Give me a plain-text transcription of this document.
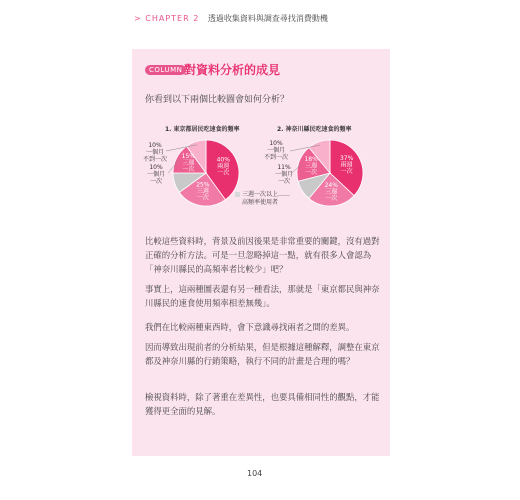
> CHAPTER 2 透過收集資料與調查尋找消費動機
COLUMN 對資料分析的成見
你看到以下兩個比較圖會如何分析？
1. 東京都居民吃速食的頻率
40%兩週一次
25%三週一次
15%三週一次
10%
一個月
不到一次
10%
一個月
一次
2. 神奈川縣民吃速食的頻率
37%兩週一次
24%三週一次
18%三週一次
10%
一個月
不到一次
11%
一個月
一次
三週一次以上……
高頻率使用者
比較這些資料時，背景及前因後果是非常重要的關鍵，沒有過對正確的分析方法。可是一旦忽略掉這一點，就有很多人會認為「神奈川縣民的高頻率者比較少」吧？
事實上，這兩種圖表還有另一種看法，那就是「東京都民與神奈川縣民的速食使用頻率相差無幾」。
我們在比較兩種東西時，會下意識尋找兩者之間的差異。
因而導致出現前者的分析結果，但是根據這種解釋，調整在東京都及神奈川縣的行銷策略，執行不同的計畫是合理的嗎？
檢視資料時，除了著重在差異性，也要具備相同性的觀點，才能獲得更全面的見解。
104
